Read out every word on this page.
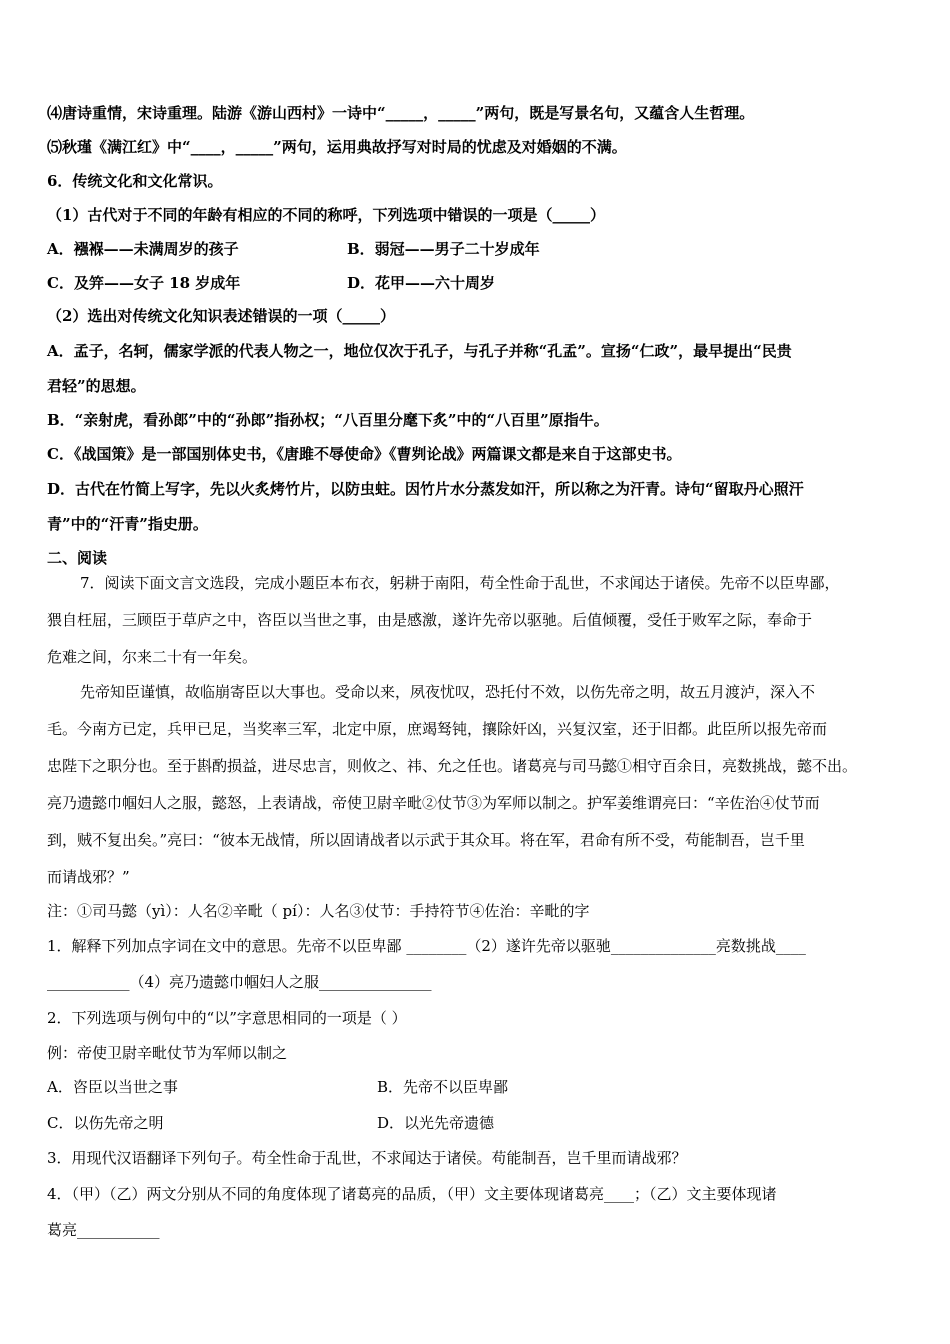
⑷唐诗重情，宋诗重理。陆游《游山西村》一诗中“_____，_____”两句，既是写景名句，又蕴含人生哲理。
⑸秋瑾《满江红》中“____，_____”两句，运用典故抒写对时局的忧虑及对婚姻的不满。
6．传统文化和文化常识。
（1）古代对于不同的年龄有相应的不同的称呼，下列选项中错误的一项是（_____）
A．襁褓——未满周岁的孩子	B．弱冠——男子二十岁成年
C．及笄——女子 18 岁成年	D．花甲——六十周岁
（2）选出对传统文化知识表述错误的一项（_____）
A．孟子，名轲，儒家学派的代表人物之一，地位仅次于孔子，与孔子并称“孔孟”。宣扬“仁政”，最早提出“民贵
君轻”的思想。
B．“亲射虎，看孙郎”中的“孙郎”指孙权；“八百里分麾下炙”中的“八百里”原指牛。
C．《战国策》是一部国别体史书，《唐雎不辱使命》《曹刿论战》两篇课文都是来自于这部史书。
D．古代在竹简上写字，先以火炙烤竹片，以防虫蛀。因竹片水分蒸发如汗，所以称之为汗青。诗句“留取丹心照汗
青”中的“汗青”指史册。
二、阅读
7．阅读下面文言文选段，完成小题臣本布衣，躬耕于南阳，苟全性命于乱世，不求闻达于诸侯。先帝不以臣卑鄙，
猥自枉屈，三顾臣于草庐之中，咨臣以当世之事，由是感激，遂许先帝以驱驰。后值倾覆，受任于败军之际，奉命于
危难之间，尔来二十有一年矣。
先帝知臣谨慎，故临崩寄臣以大事也。受命以来，夙夜忧叹，恐托付不效，以伤先帝之明，故五月渡泸，深入不
毛。今南方已定，兵甲已足，当奖率三军，北定中原，庶竭驽钝，攘除奸凶，兴复汉室，还于旧都。此臣所以报先帝而
忠陛下之职分也。至于斟酌损益，进尽忠言，则攸之、祎、允之任也。诸葛亮与司马懿①相守百余日，亮数挑战，懿不出。
亮乃遗懿巾帼妇人之服，懿怒，上表请战，帝使卫尉辛毗②仗节③为军师以制之。护军姜维谓亮曰：“辛佐治④仗节而
到，贼不复出矣。”亮曰：“彼本无战情，所以固请战者以示武于其众耳。将在军，君命有所不受，苟能制吾，岂千里
而请战邪？”
注：①司马懿（yì）：人名②辛毗（ pí）：人名③仗节：手持符节④佐治：辛毗的字
1．解释下列加点字词在文中的意思。先帝不以臣卑鄙 ________（2）遂许先帝以驱驰______________亮数挑战____
___________（4）亮乃遗懿巾帼妇人之服_______________
2．下列选项与例句中的“以”字意思相同的一项是（ ）
例：帝使卫尉辛毗仗节为军师以制之
A．咨臣以当世之事	B．先帝不以臣卑鄙
C．以伤先帝之明	D．以光先帝遗德
3．用现代汉语翻译下列句子。苟全性命于乱世，不求闻达于诸侯。苟能制吾，岂千里而请战邪？
4．（甲）（乙）两文分别从不同的角度体现了诸葛亮的品质，（甲）文主要体现诸葛亮____；（乙）文主要体现诸
葛亮___________
